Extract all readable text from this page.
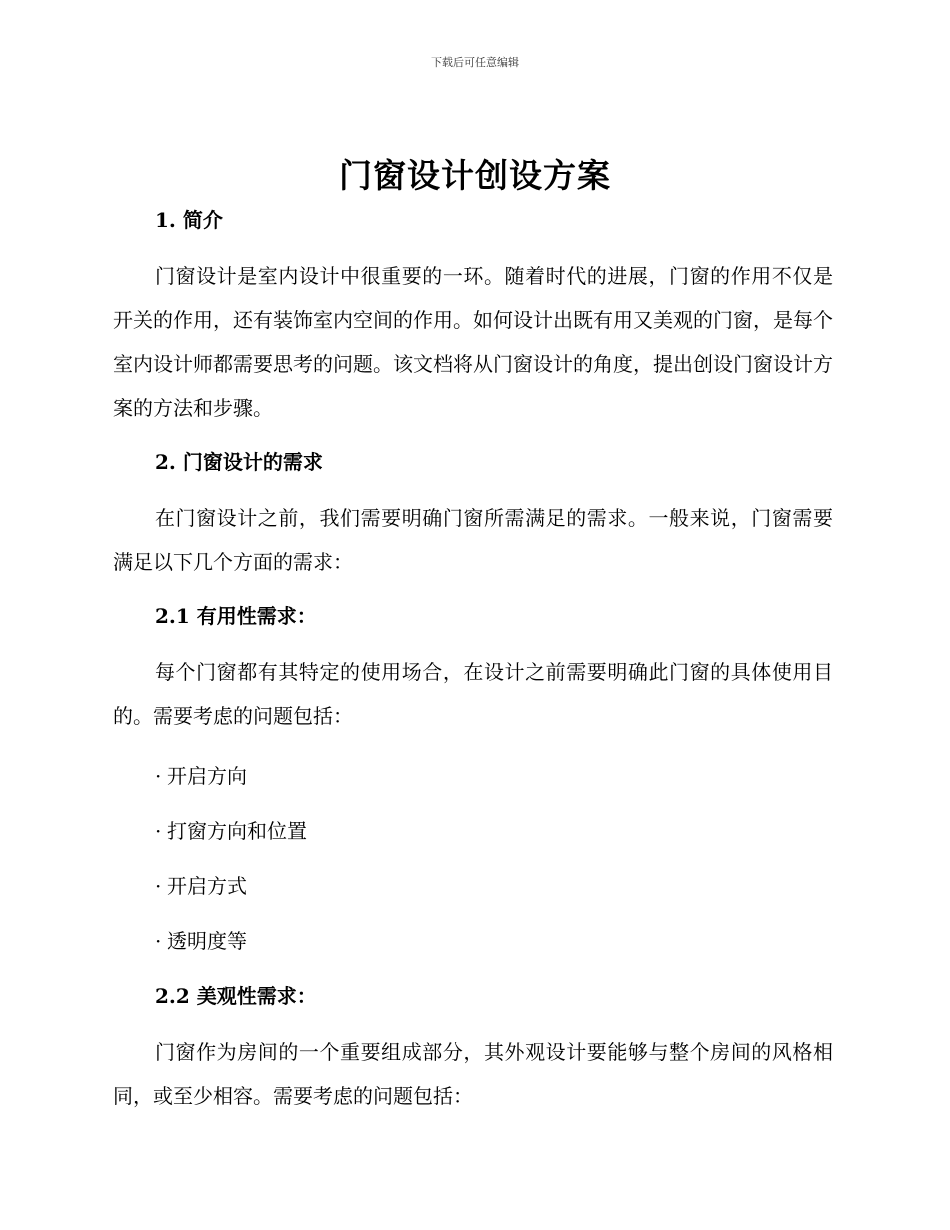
下载后可任意编辑
门窗设计创设方案
1. 简介

门窗设计是室内设计中很重要的一环。随着时代的进展，门窗的作用不仅是开关的作用，还有装饰室内空间的作用。如何设计出既有用又美观的门窗，是每个室内设计师都需要思考的问题。该文档将从门窗设计的角度，提出创设门窗设计方案的方法和步骤。

2. 门窗设计的需求

在门窗设计之前，我们需要明确门窗所需满足的需求。一般来说，门窗需要满足以下几个方面的需求：

2.1 有用性需求：

每个门窗都有其特定的使用场合，在设计之前需要明确此门窗的具体使用目的。需要考虑的问题包括：

· 开启方向
· 打窗方向和位置
· 开启方式
· 透明度等
2.2 美观性需求：

门窗作为房间的一个重要组成部分，其外观设计要能够与整个房间的风格相同，或至少相容。需要考虑的问题包括：
